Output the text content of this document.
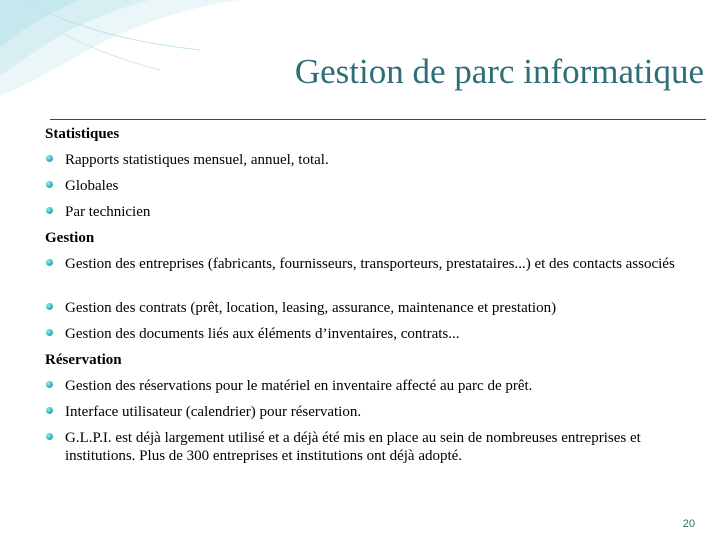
Gestion de parc informatique

Statistiques

Rapports statistiques mensuel, annuel, total.
Globales
Par technicien

Gestion

Gestion des entreprises (fabricants, fournisseurs, transporteurs, prestataires...) et des contacts associés
Gestion des contrats (prêt, location, leasing, assurance, maintenance et prestation)
Gestion des documents liés aux éléments d’inventaires, contrats...

Réservation

Gestion des réservations pour le matériel en inventaire affecté au parc de prêt.
Interface utilisateur (calendrier) pour réservation.
G.L.P.I. est déjà largement utilisé et a déjà été mis en place au sein de nombreuses entreprises et institutions. Plus de 300 entreprises et institutions ont déjà adopté.
20
